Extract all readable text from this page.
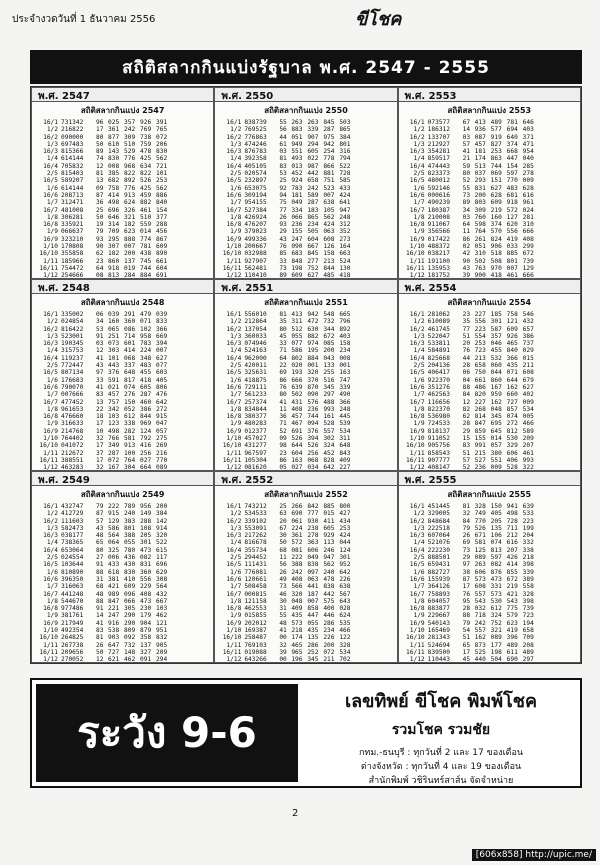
ประจำงวดวันที่ 1 ธันวาคม 2556	ขีโชค
สถิติสลากกินแบ่งรัฐบาล พ.ศ. 2547 - 2555
พ.ศ. 2547
สถิติสลากกินแบ่ง 2547
16/1 731342	96 025 357 926 391
1/2 216822	17 361 242 769 765
16/2 090000	80 877 309 738 072
1/3 697483	50 610 510 759 206
16/3 815366	89 143 529 478 830
1/4 614144	74 830 776 425 562
16/4 705832	12 008 968 634 721
2/5 815403	81 385 822 822 101
16/5 589207	13 682 892 526 253
1/6 614144	09 758 776 425 562
16/6 208713	87 414 913 459 886
1/7 312471	36 498 624 882 840
16/7 481008	25 696 326 461 154
1/8 306281	50 646 321 510 377
16/8 335921	19 314 182 559 288
1/9 066637	79 709 623 014 456
16/9 323210	93 295 888 774 867
1/10 170808	90 307 007 781 609
16/10 355858	62 182 200 438 890
1/11 185966	23 860 137 745 661
16/11 754472	64 918 019 744 604
1/12 254666	08 813 284 884 691
พ.ศ. 2550
สถิติสลากกินแบ่ง 2550
16/1 838739	55 263 263 845 503
1/2 769525	56 883 339 287 865
16/2 776863	44 051 907 975 384
1/3 474246	61 949 294 942 801
16/3 876783	03 551 605 254 316
1/4 392358	81 493 022 778 794
16/4 405105	83 013 987 866 522
2/5 020574	53 452 442 881 728
16/5 232897	25 924 658 751 585
1/6 653075	92 783 242 523 433
16/6 309194	94 181 589 007 424
1/7 954155	75 049 287 638 641
16/7 527384	77 334 183 105 947
1/8 426924	26 066 865 562 248
16/8 476207	93 236 234 424 312
1/9 379023	29 155 505 063 352
16/9 499336	43 247 604 608 273
1/10 200667	76 090 667 126 164
16/10 032988	85 683 845 158 663
1/11 927907	33 848 277 213 524
16/11 562481	73 198 752 844 130
1/12 110410	89 609 627 485 418
พ.ศ. 2553
สถิติสลากกินแบ่ง 2553
16/1 073577	67 413 489 781 646
1/2 186312	14 936 577 694 403
16/2 133707	03 087 919 640 371
1/3 212927	57 457 827 374 471
16/3 354281	41 181 253 668 954
1/4 859517	21 174 863 447 040
16/4 474443	59 513 744 154 285
2/5 823373	80 037 069 597 278
16/5 480012	52 293 151 770 009
1/6 592146	55 831 627 483 628
16/6 000616	73 200 628 681 616
1/7 490239	89 803 609 918 961
16/7 180387	34 309 219 572 024
1/8 210008	03 760 160 127 281
16/8 911067	64 598 374 620 310
1/9 356566	11 764 570 556 666
16/9 017422	86 261 824 419 408
1/10 488372	02 051 906 033 299
16/10 038217	42 310 518 885 672
1/11 191100	90 502 508 801 739
16/11 135953	43 763 970 007 129
1/12 181752	39 900 418 461 666
พ.ศ. 2548
สถิติสลากกินแบ่ง 2548
16/1 335002	06 039 291 479 039
1/2 024854	34 160 360 071 833
16/2 816422	53 065 086 102 366
1/3 523001	91 251 714 958 669
16/3 190345	03 073 601 783 394
1/4 315753	12 303 414 224 007
16/4 119237	41 101 068 348 627
2/5 772447	43 443 337 483 077
16/5 807134	97 376 648 455 603
1/6 176683	33 591 817 418 405
16/6 790070	41 021 074 605 806
1/7 007666	83 457 276 287 476
16/7 477452	13 757 150 460 642
1/8 961653	22 342 052 386 272
16/8 476660	18 103 612 844 915
1/9 316633	17 123 338 969 047
16/9 214768	10 498 282 124 057
1/10 764402	32 766 581 792 275
16/10 041072	17 349 913 416 269
1/11 212672	37 287 100 256 216
16/11 388551	17 072 764 027 770
1/12 463283	32 167 304 664 089
พ.ศ. 2551
สถิติสลากกินแบ่ง 2551
16/1 556010	81 413 942 548 665
1/2 212864	35 311 472 732 796
16/2 137054	80 512 630 344 892
1/3 360033	45 055 882 672 403
16/3 074946	33 077 974 085 158
1/4 524163	71 586 195 200 234
16/4 962000	64 802 884 043 008
2/5 420011	22 020 001 133 001
16/5 325631	69 193 320 255 163
1/6 418875	86 666 370 516 747
16/6 729111	76 639 870 345 339
1/7 561233	80 502 090 297 490
16/7 257374	41 431 576 488 366
1/8 834844	11 408 236 993 248
16/8 380377	36 457 744 161 445
1/9 480283	71 467 094 528 539
16/9 012377	52 691 376 557 534
1/10 457027	09 526 394 302 311
16/10 431277	98 644 526 324 648
1/11 967597	23 604 256 452 843
16/11 105304	86 163 068 828 409
1/12 081620	05 027 034 642 227
พ.ศ. 2554
สถิติสลากกินแบ่ง 2554
16/1 281062	23 227 185 758 546
1/2 610089	35 556 301 121 432
16/2 461745	77 223 587 609 657
1/3 522047	51 554 357 926 386
16/3 533811	20 253 046 465 737
1/4 584891	76 723 455 840 029
16/4 825668	44 213 532 366 015
2/5 204136	28 658 060 435 211
16/5 406417	06 750 044 071 608
1/6 922370	04 661 860 644 679
16/6 351276	88 486 167 162 627
1/7 462563	84 820 959 660 402
16/7 116656	12 227 162 727 009
1/8 822370	82 268 048 857 534
16/8 536980	62 814 345 074 005
1/9 724533	28 847 695 272 466
16/9 818137	29 859 645 812 589
1/10 911052	15 155 014 530 209
16/10 905756	83 991 057 329 207
1/11 858543	51 215 380 606 461
16/11 907777	57 527 551 406 993
1/12 408147	52 236 009 528 322
พ.ศ. 2549
สถิติสลากกินแบ่ง 2549
16/1 432747	79 222 789 956 200
1/2 412729	87 915 240 149 384
16/2 111603	57 129 383 288 142
1/3 582473	43 586 801 108 914
16/3 038177	48 564 388 205 320
1/4 738365	65 064 055 301 522
16/4 653064	80 325 780 473 615
2/5 024554	27 006 436 082 117
16/5 103644	91 433 430 831 696
1/6 810890	88 618 830 360 629
16/6 396350	31 381 410 556 308
1/7 316063	68 421 609 229 564
16/7 441248	48 989 096 408 432
1/8 544670	88 847 066 473 667
16/8 977486	91 221 305 230 103
1/9 381761	14 247 290 179 462
16/9 217949	41 916 290 904 121
1/10 492354	83 538 809 879 951
16/10 264825	81 903 092 358 832
1/11 267738	26 647 732 137 905
16/11 209656	50 727 148 327 209
1/12 270052	12 621 462 091 294
พ.ศ. 2552
สถิติสลากกินแบ่ง 2552
16/1 743212	25 266 842 885 800
1/2 534533	63 690 777 015 427
16/2 339102	20 061 930 411 434
1/3 553091	67 224 238 605 253
16/3 217262	30 361 278 929 424
1/4 816678	50 572 363 113 044
16/4 355734	68 081 606 246 124
2/5 294452	11 222 049 947 301
16/5 111431	56 388 838 562 952
1/6 776081	26 242 097 240 642
16/6 120661	49 408 063 478 226
1/7 508458	73 566 441 838 638
16/7 000815	46 320 187 442 567
1/8 121158	30 048 007 575 643
16/8 462553	31 409 858 400 028
1/9 015855	55 435 447 446 624
16/9 202012	48 573 055 286 535
1/10 169387	41 218 435 234 466
16/10 258487	00 174 135 226 122
1/11 769103	32 465 286 200 328
16/11 019088	39 965 252 072 534
1/12 643266	00 196 345 211 702
พ.ศ. 2555
สถิติสลากกินแบ่ง 2555
16/1 451445	81 328 150 941 639
1/2 329005	32 749 405 498 533
16/2 848684	84 770 205 728 223
1/3 222518	79 526 135 711 199
16/3 607064	26 671 106 212 204
1/4 521076	69 581 074 616 332
16/4 222230	73 125 813 207 338
2/5 888501	29 089 597 426 218
16/5 659431	97 263 082 414 398
1/6 882727	38 606 876 855 339
16/6 155939	87 573 473 672 389
1/7 364126	17 608 331 219 558
16/7 758893	76 557 573 421 328
1/8 604057	95 543 530 543 398
16/8 883877	28 032 612 775 739
1/9 229667	88 718 324 579 723
16/9 540143	79 242 752 623 194
1/10 165469	54 557 321 419 658
16/10 281343	51 162 089 396 709
1/11 524694	65 873 177 489 208
16/11 839500	17 525 198 611 489
1/12 110443	45 440 504 690 297
ระวัง 9-6
เลขทิพย์ ขีโชค พิมพ์โชค
รวมโชค รวมชัย
กทม.-ธนบุรี : ทุกวันที่ 2 และ 17 ของเดือน
ต่างจังหวัด : ทุกวันที่ 4 และ 19 ของเดือน
สำนักพิมพ์ วชิรินทร์สาส์น จัดจำหน่าย
2
[606x858] http://upic.me/
